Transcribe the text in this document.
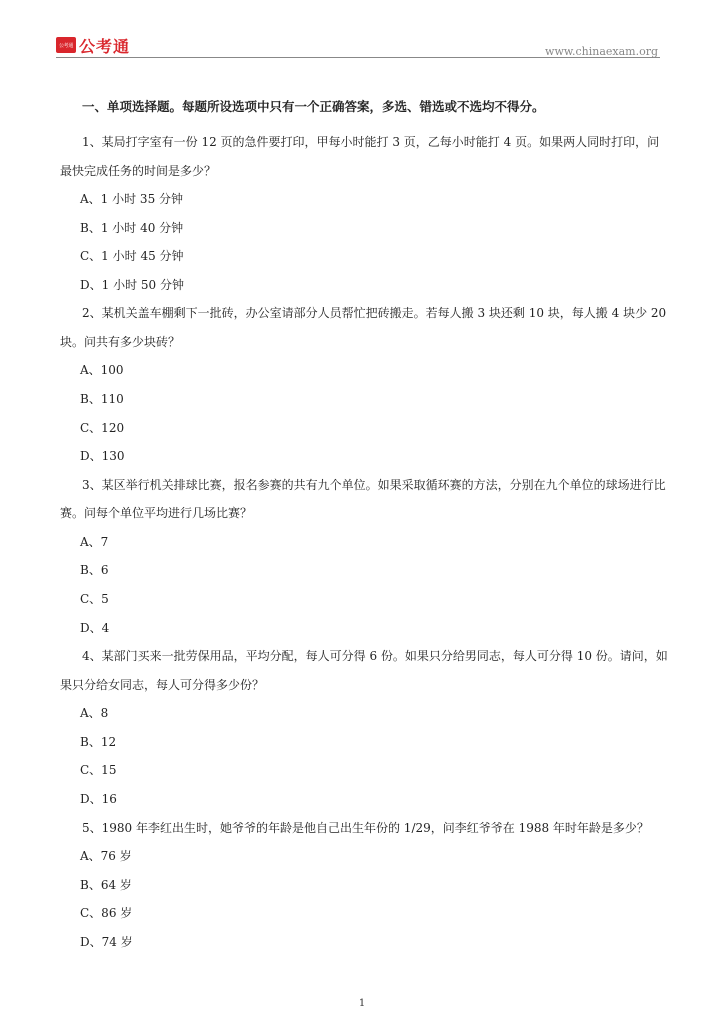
公考通 公考通	www.chinaexam.org
一、单项选择题。每题所设选项中只有一个正确答案，多选、错选或不选均不得分。

1、某局打字室有一份 12 页的急件要打印，甲每小时能打 3 页，乙每小时能打 4 页。如果两人同时打印，问最快完成任务的时间是多少？

A、1 小时 35 分钟
B、1 小时 40 分钟
C、1 小时 45 分钟
D、1 小时 50 分钟

2、某机关盖车棚剩下一批砖，办公室请部分人员帮忙把砖搬走。若每人搬 3 块还剩 10 块，每人搬 4 块少 20 块。问共有多少块砖？

A、100
B、110
C、120
D、130

3、某区举行机关排球比赛，报名参赛的共有九个单位。如果采取循环赛的方法，分别在九个单位的球场进行比赛。问每个单位平均进行几场比赛？

A、7
B、6
C、5
D、4

4、某部门买来一批劳保用品，平均分配，每人可分得 6 份。如果只分给男同志，每人可分得 10 份。请问，如果只分给女同志，每人可分得多少份？

A、8
B、12
C、15
D、16

5、1980 年李红出生时，她爷爷的年龄是他自己出生年份的 1/29，问李红爷爷在 1988 年时年龄是多少？

A、76 岁
B、64 岁
C、86 岁
D、74 岁
1
